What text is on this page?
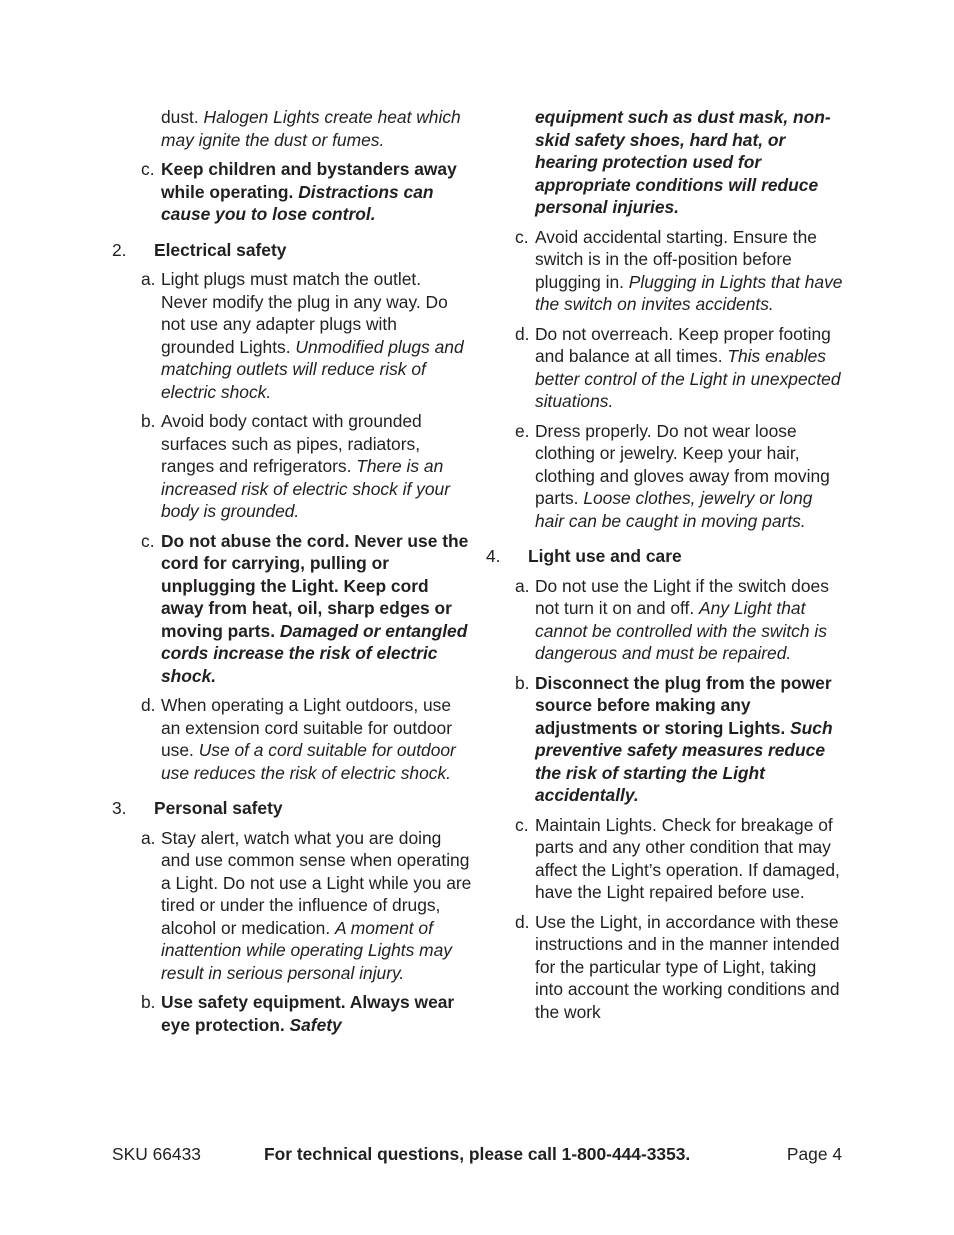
dust. Halogen Lights create heat which may ignite the dust or fumes.
c. Keep children and bystanders away while operating. Distractions can cause you to lose control.
2. Electrical safety
a. Light plugs must match the outlet. Never modify the plug in any way. Do not use any adapter plugs with grounded Lights. Unmodified plugs and matching outlets will reduce risk of electric shock.
b. Avoid body contact with grounded surfaces such as pipes, radiators, ranges and refrigerators. There is an increased risk of electric shock if your body is grounded.
c. Do not abuse the cord. Never use the cord for carrying, pulling or unplugging the Light. Keep cord away from heat, oil, sharp edges or moving parts. Damaged or entangled cords increase the risk of electric shock.
d. When operating a Light outdoors, use an extension cord suitable for outdoor use. Use of a cord suitable for outdoor use reduces the risk of electric shock.
3. Personal safety
a. Stay alert, watch what you are doing and use common sense when operating a Light. Do not use a Light while you are tired or under the influence of drugs, alcohol or medication. A moment of inattention while operating Lights may result in serious personal injury.
b. Use safety equipment. Always wear eye protection. Safety
equipment such as dust mask, non-skid safety shoes, hard hat, or hearing protection used for appropriate conditions will reduce personal injuries.
c. Avoid accidental starting. Ensure the switch is in the off-position before plugging in. Plugging in Lights that have the switch on invites accidents.
d. Do not overreach. Keep proper footing and balance at all times. This enables better control of the Light in unexpected situations.
e. Dress properly. Do not wear loose clothing or jewelry. Keep your hair, clothing and gloves away from moving parts. Loose clothes, jewelry or long hair can be caught in moving parts.
4. Light use and care
a. Do not use the Light if the switch does not turn it on and off. Any Light that cannot be controlled with the switch is dangerous and must be repaired.
b. Disconnect the plug from the power source before making any adjustments or storing Lights. Such preventive safety measures reduce the risk of starting the Light accidentally.
c. Maintain Lights. Check for breakage of parts and any other condition that may affect the Light’s operation. If damaged, have the Light repaired before use.
d. Use the Light, in accordance with these instructions and in the manner intended for the particular type of Light, taking into account the working conditions and the work
SKU 66433	For technical questions, please call 1-800-444-3353.	Page 4
